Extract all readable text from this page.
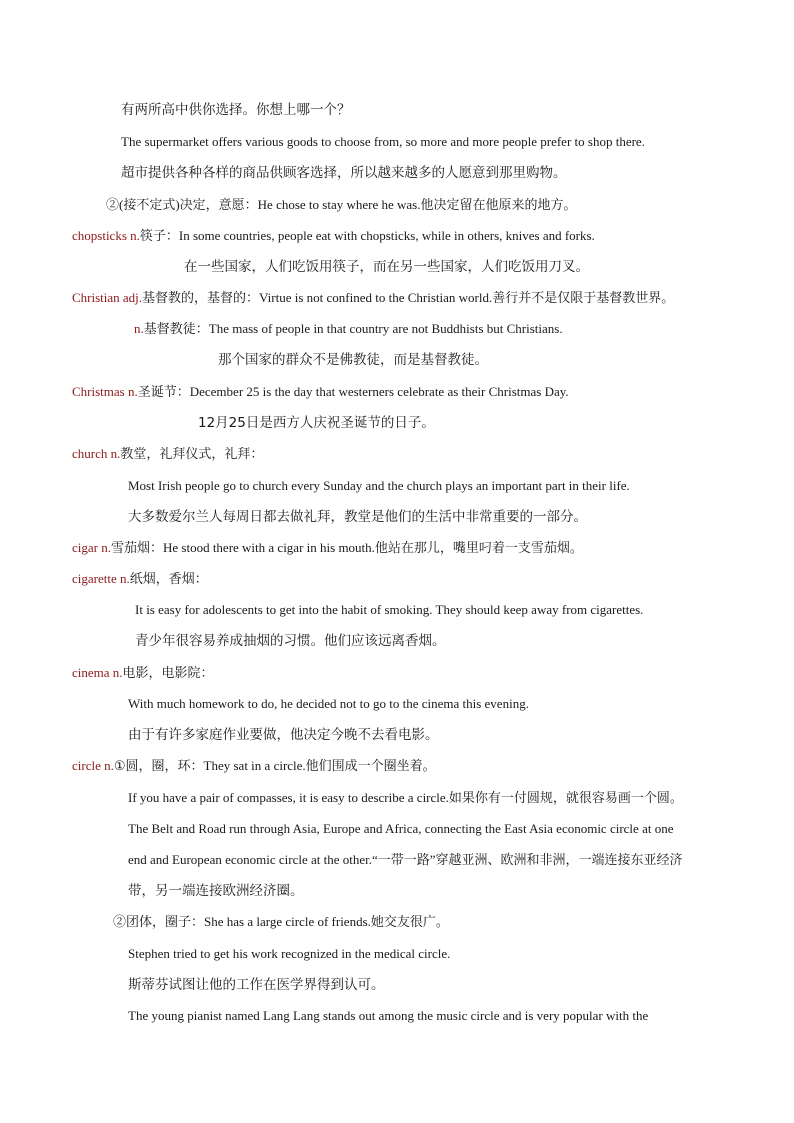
有两所高中供你选择。你想上哪一个？
The supermarket offers various goods to choose from, so more and more people prefer to shop there.
超市提供各种各样的商品供顾客选择，所以越来越多的人愿意到那里购物。
②(接不定式)决定，意愿：He chose to stay where he was.他决定留在他原来的地方。
chopsticks n.筷子：In some countries, people eat with chopsticks, while in others, knives and forks.
在一些国家，人们吃饭用筷子，而在另一些国家，人们吃饭用刀叉。
Christian adj.基督教的，基督的：Virtue is not confined to the Christian world.善行并不是仅限于基督教世界。
n.基督教徒：The mass of people in that country are not Buddhists but Christians.
那个国家的群众不是佛教徒，而是基督教徒。
Christmas n.圣诞节：December 25 is the day that westerners celebrate as their Christmas Day.
12月25日是西方人庆祝圣诞节的日子。
church n.教堂，礼拜仪式，礼拜：
Most Irish people go to church every Sunday and the church plays an important part in their life.
大多数爱尔兰人每周日都去做礼拜，教堂是他们的生活中非常重要的一部分。
cigar n.雪茄烟：He stood there with a cigar in his mouth.他站在那儿，嘴里叼着一支雪茄烟。
cigarette n.纸烟，香烟：
It is easy for adolescents to get into the habit of smoking. They should keep away from cigarettes.
青少年很容易养成抽烟的习惯。他们应该远离香烟。
cinema n.电影，电影院：
With much homework to do, he decided not to go to the cinema this evening.
由于有许多家庭作业要做，他决定今晚不去看电影。
circle n.①圆，圈，环：They sat in a circle.他们围成一个圈坐着。
If you have a pair of compasses, it is easy to describe a circle.如果你有一付圆规，就很容易画一个圆。
The Belt and Road run through Asia, Europe and Africa, connecting the East Asia economic circle at one
end and European economic circle at the other.“一带一路”穿越亚洲、欧洲和非洲，一端连接东亚经济
带，另一端连接欧洲经济圈。
②团体，圈子：She has a large circle of friends.她交友很广。
Stephen tried to get his work recognized in the medical circle.
斯蒂芬试图让他的工作在医学界得到认可。
The young pianist named Lang Lang stands out among the music circle and is very popular with the
